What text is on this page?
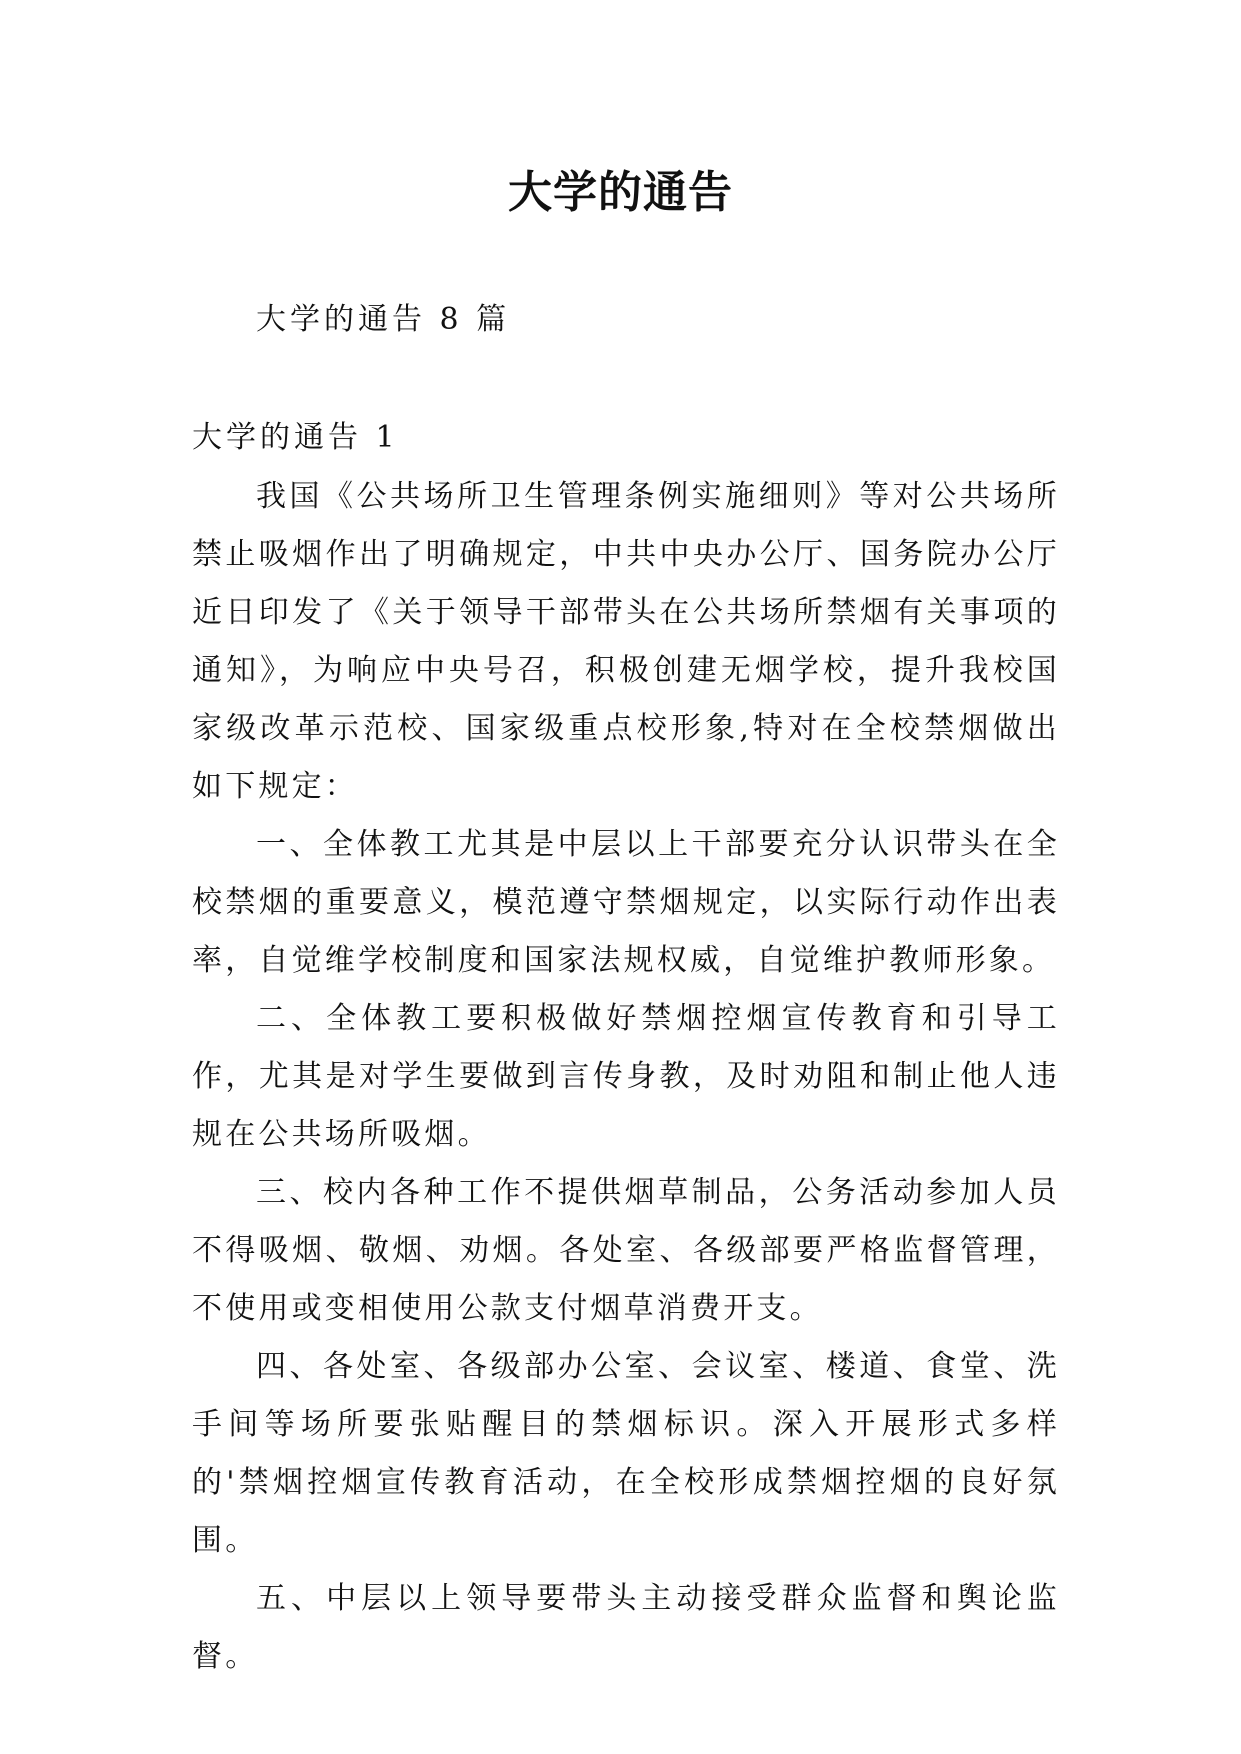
大学的通告

大学的通告 8 篇

大学的通告 1

我国《公共场所卫生管理条例实施细则》等对公共场所禁止吸烟作出了明确规定，中共中央办公厅、国务院办公厅近日印发了《关于领导干部带头在公共场所禁烟有关事项的通知》，为响应中央号召，积极创建无烟学校，提升我校国家级改革示范校、国家级重点校形象,特对在全校禁烟做出如下规定：

一、全体教工尤其是中层以上干部要充分认识带头在全校禁烟的重要意义，模范遵守禁烟规定，以实际行动作出表率，自觉维学校制度和国家法规权威，自觉维护教师形象。

二、全体教工要积极做好禁烟控烟宣传教育和引导工作，尤其是对学生要做到言传身教，及时劝阻和制止他人违规在公共场所吸烟。

三、校内各种工作不提供烟草制品，公务活动参加人员不得吸烟、敬烟、劝烟。各处室、各级部要严格监督管理，不使用或变相使用公款支付烟草消费开支。

四、各处室、各级部办公室、会议室、楼道、食堂、洗手间等场所要张贴醒目的禁烟标识。深入开展形式多样的'禁烟控烟宣传教育活动，在全校形成禁烟控烟的良好氛围。

五、中层以上领导要带头主动接受群众监督和舆论监督。
